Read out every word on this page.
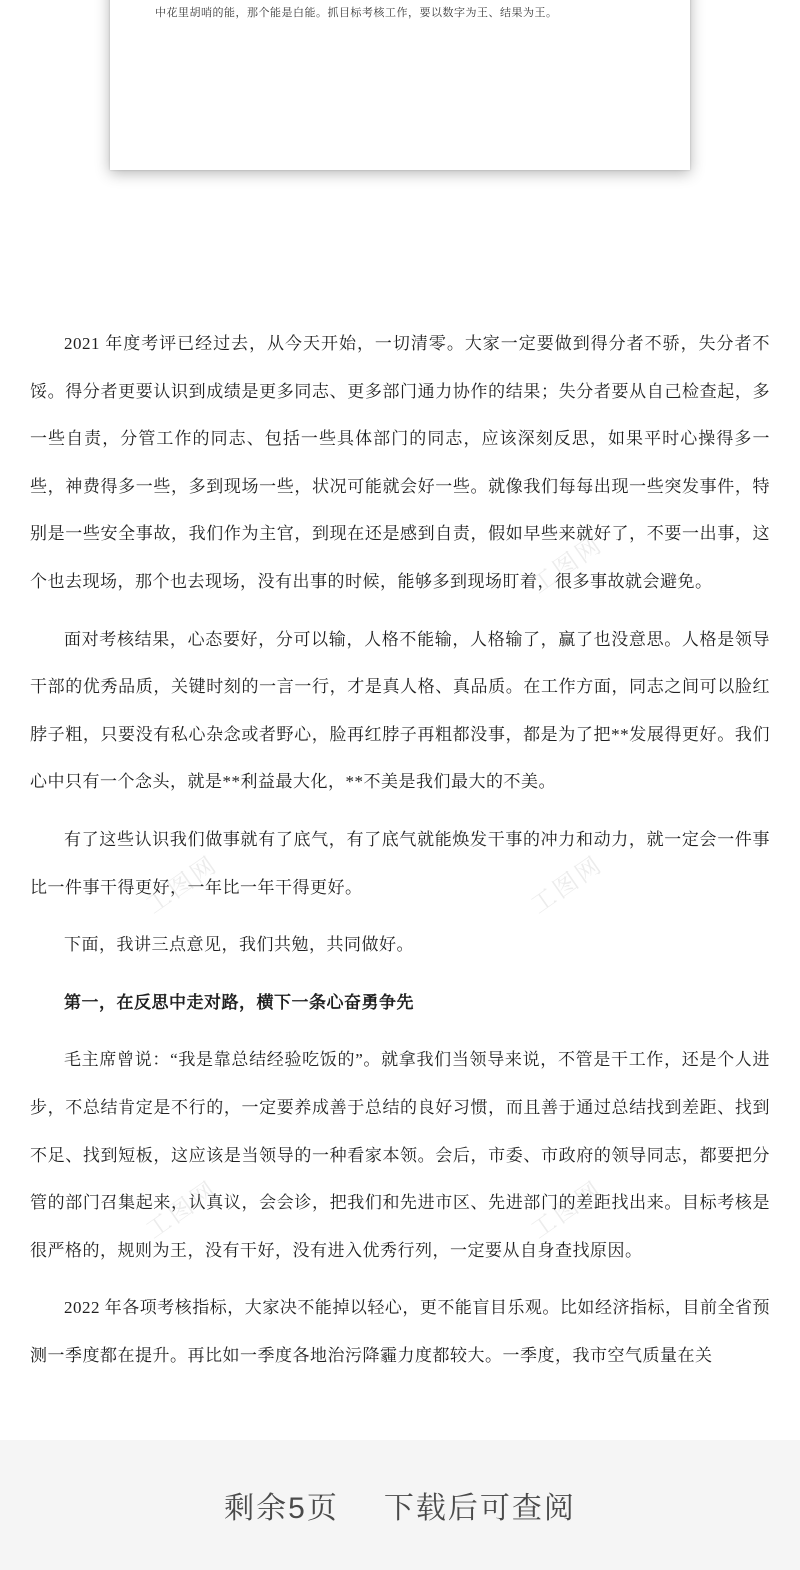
中花里胡哨的能，那个能是白能。抓目标考核工作，要以数字为王、结果为王。

2021 年度考评已经过去，从今天开始，一切清零。大家一定要做到得分者不骄，失分者不馁。得分者更要认识到成绩是更多同志、更多部门通力协作的结果；失分者要从自己检查起，多一些自责，分管工作的同志、包括一些具体部门的同志，应该深刻反思，如果平时心操得多一些，神费得多一些，多到现场一些，状况可能就会好一些。就像我们每每出现一些突发事件，特别是一些安全事故，我们作为主官，到现在还是感到自责，假如早些来就好了，不要一出事，这个也去现场，那个也去现场，没有出事的时候，能够多到现场盯着，很多事故就会避免。

面对考核结果，心态要好，分可以输，人格不能输，人格输了，赢了也没意思。人格是领导干部的优秀品质，关键时刻的一言一行，才是真人格、真品质。在工作方面，同志之间可以脸红脖子粗，只要没有私心杂念或者野心，脸再红脖子再粗都没事，都是为了把**发展得更好。我们心中只有一个念头，就是**利益最大化，**不美是我们最大的不美。

有了这些认识我们做事就有了底气，有了底气就能焕发干事的冲力和动力，就一定会一件事比一件事干得更好，一年比一年干得更好。

下面，我讲三点意见，我们共勉，共同做好。

第一，在反思中走对路，横下一条心奋勇争先

毛主席曾说：“我是靠总结经验吃饭的”。就拿我们当领导来说，不管是干工作，还是个人进步，不总结肯定是不行的，一定要养成善于总结的良好习惯，而且善于通过总结找到差距、找到不足、找到短板，这应该是当领导的一种看家本领。会后，市委、市政府的领导同志，都要把分管的部门召集起来，认真议，会会诊，把我们和先进市区、先进部门的差距找出来。目标考核是很严格的，规则为王，没有干好，没有进入优秀行列，一定要从自身查找原因。

2022 年各项考核指标，大家决不能掉以轻心，更不能盲目乐观。比如经济指标，目前全省预测一季度都在提升。再比如一季度各地治污降霾力度都较大。一季度，我市空气质量在关

工图网
工图网	工图网
工图网	工图网
剩余5页 下载后可查阅
